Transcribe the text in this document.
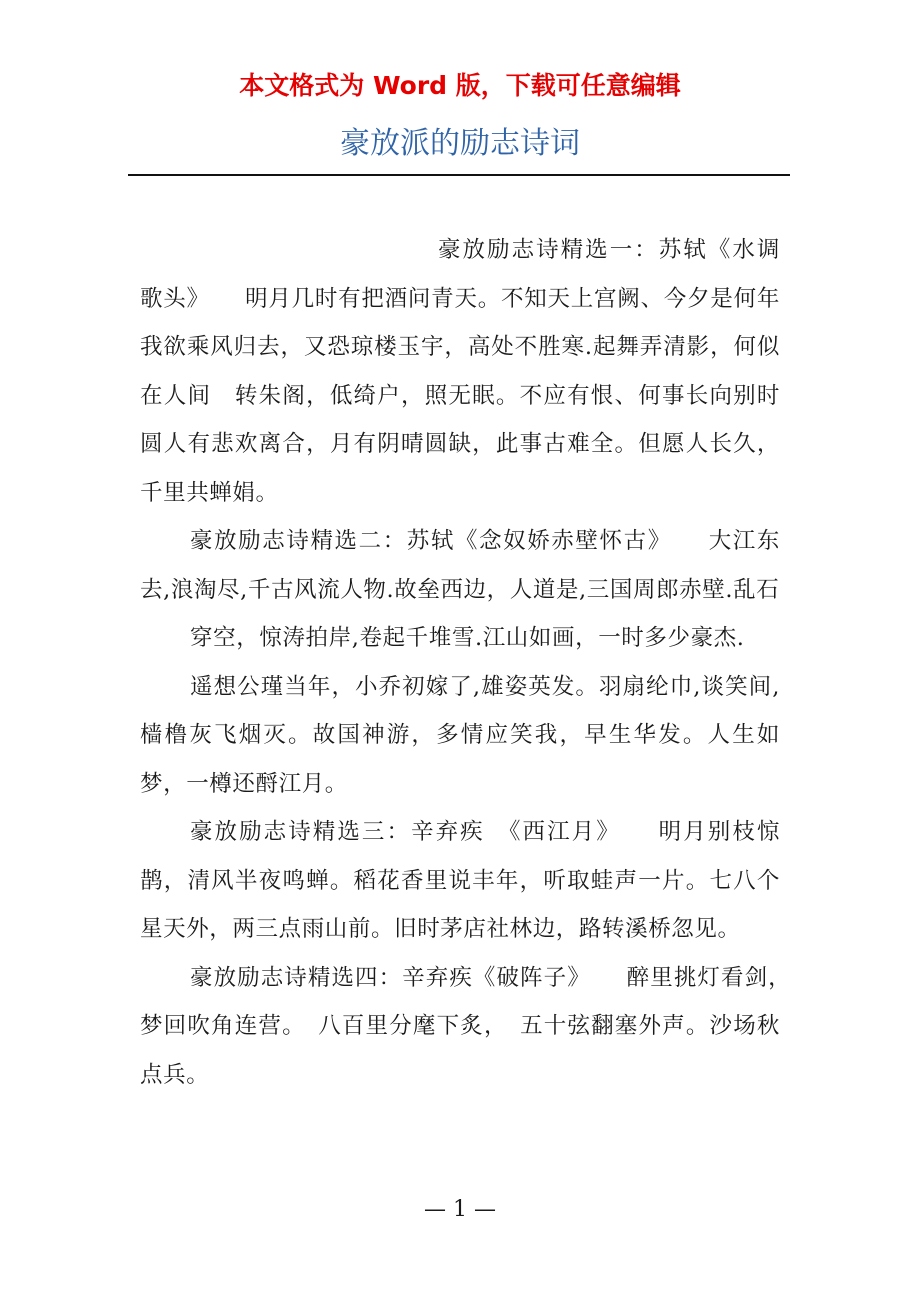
本文格式为 Word 版，下载可任意编辑
豪放派的励志诗词

豪放励志诗精选一：苏轼《水调歌头》　　明月几时有把酒问青天。不知天上宫阙、今夕是何年我欲乘风归去，又恐琼楼玉宇，高处不胜寒.起舞弄清影，何似在人间　转朱阁，低绮户，照无眠。不应有恨、何事长向别时圆人有悲欢离合，月有阴晴圆缺，此事古难全。但愿人长久，千里共蝉娟。

豪放励志诗精选二：苏轼《念奴娇赤壁怀古》　　大江东去,浪淘尽,千古风流人物.故垒西边，人道是,三国周郎赤壁.乱石

穿空，惊涛拍岸,卷起千堆雪.江山如画，一时多少豪杰.

遥想公瑾当年，小乔初嫁了,雄姿英发。羽扇纶巾,谈笑间,樯橹灰飞烟灭。故国神游，多情应笑我，早生华发。人生如梦，一樽还酹江月。

豪放励志诗精选三：辛弃疾　《西江月》　　明月别枝惊鹊，清风半夜鸣蝉。稻花香里说丰年，听取蛙声一片。七八个星天外，两三点雨山前。旧时茅店社林边，路转溪桥忽见。

豪放励志诗精选四：辛弃疾《破阵子》　　醉里挑灯看剑，　梦回吹角连营。　八百里分麾下炙，　五十弦翻塞外声。沙场秋点兵。

— 1 —
